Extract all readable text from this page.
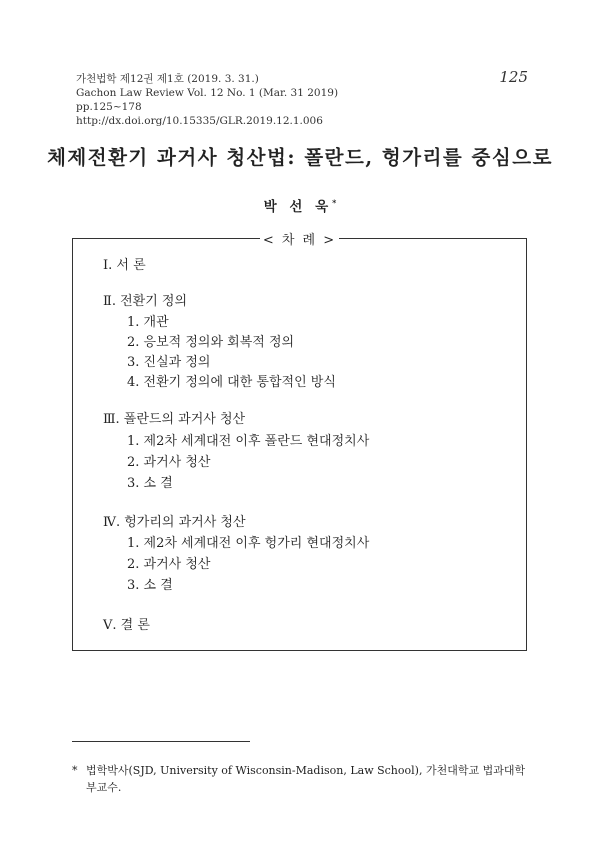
가천법학 제12권 제1호 (2019. 3. 31.)
Gachon Law Review Vol. 12 No. 1 (Mar. 31 2019)
pp.125~178
http://dx.doi.org/10.15335/GLR.2019.12.1.006
125
체제전환기 과거사 청산법: 폴란드, 헝가리를 중심으로
박 선 욱*
< 차 례 >
Ⅰ. 서 론
Ⅱ. 전환기 정의
1. 개관
2. 응보적 정의와 회복적 정의
3. 진실과 정의
4. 전환기 정의에 대한 통합적인 방식
Ⅲ. 폴란드의 과거사 청산
1. 제2차 세계대전 이후 폴란드 현대정치사
2. 과거사 청산
3. 소 결
Ⅳ. 헝가리의 과거사 청산
1. 제2차 세계대전 이후 헝가리 현대정치사
2. 과거사 청산
3. 소 결
Ⅴ. 결 론
* 법학박사(SJD, University of Wisconsin-Madison, Law School), 가천대학교 법과대학 부교수.
